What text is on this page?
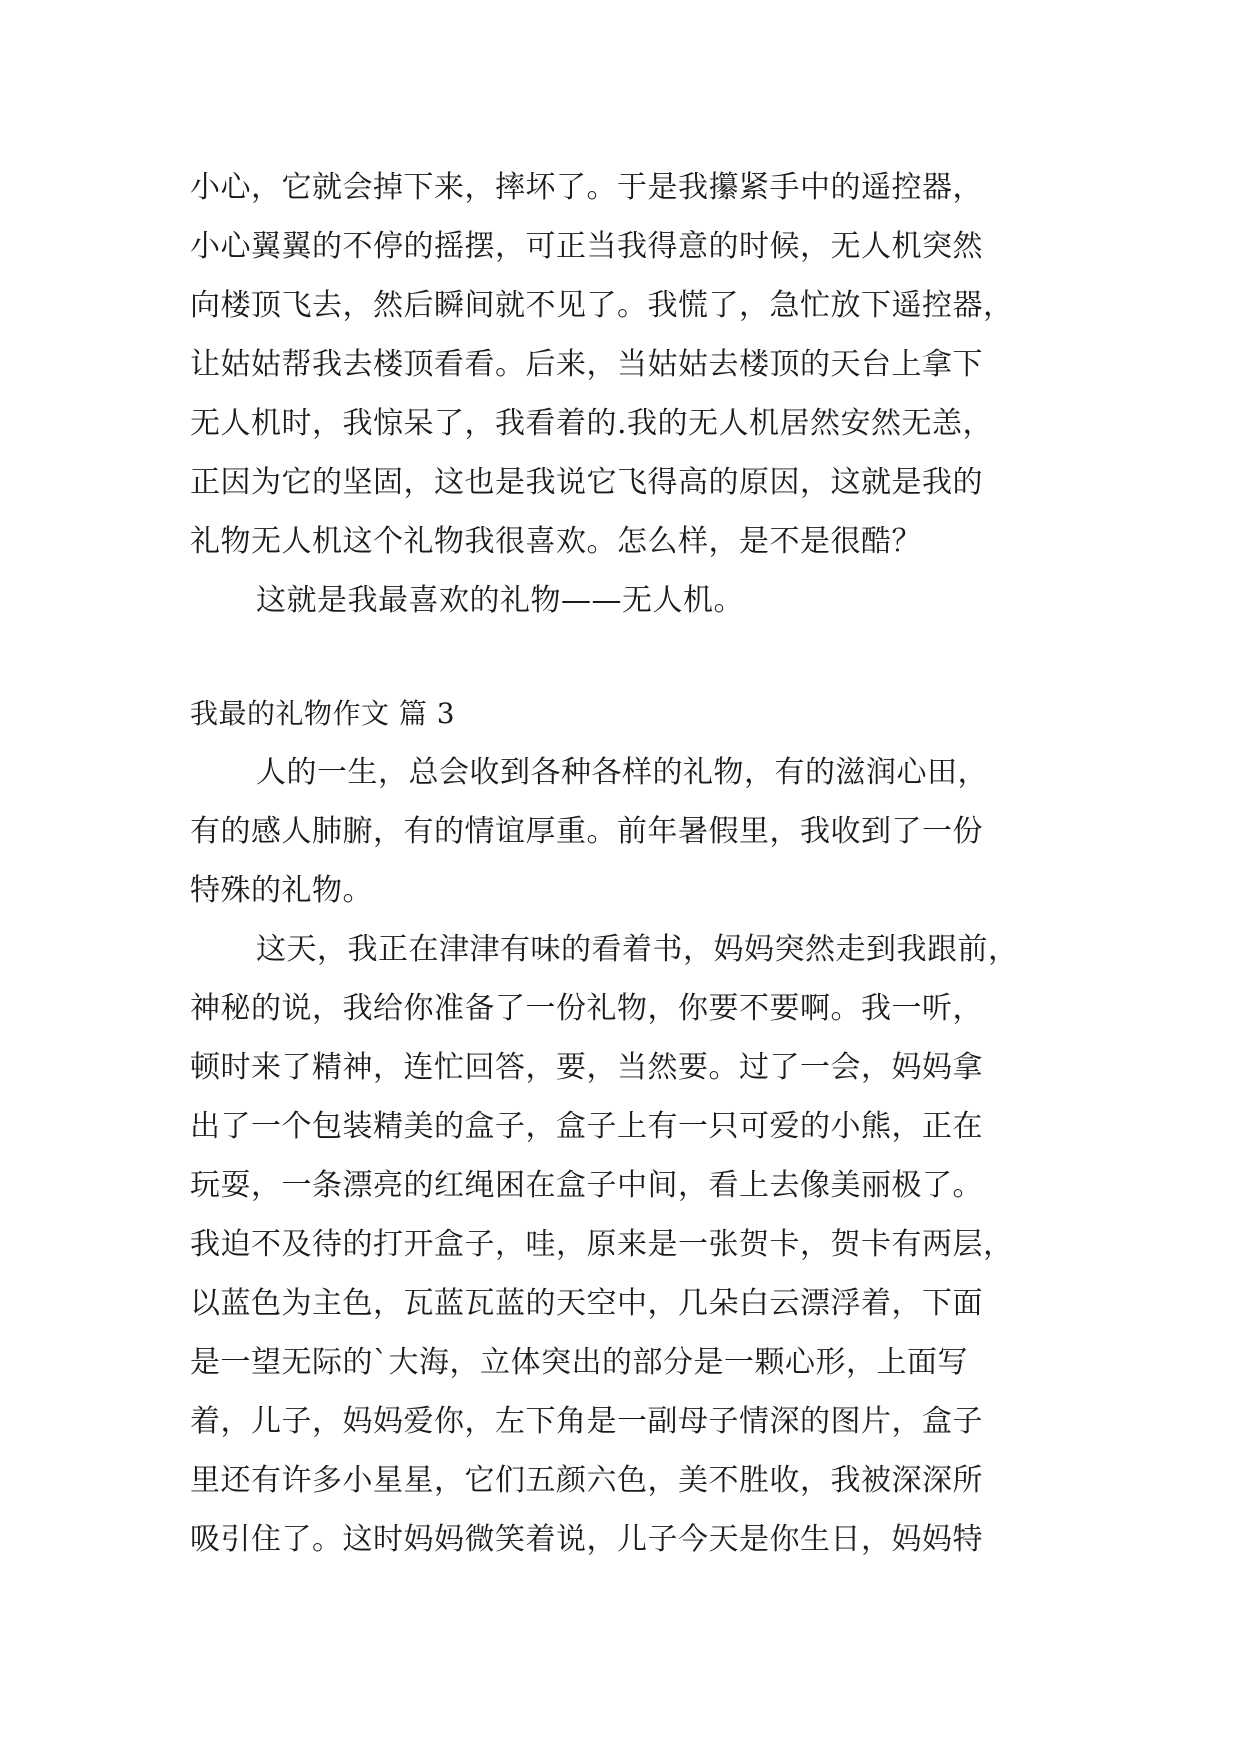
小心，它就会掉下来，摔坏了。于是我攥紧手中的遥控器，
小心翼翼的不停的摇摆，可正当我得意的时候，无人机突然
向楼顶飞去，然后瞬间就不见了。我慌了，急忙放下遥控器，
让姑姑帮我去楼顶看看。后来，当姑姑去楼顶的天台上拿下
无人机时，我惊呆了，我看着的.我的无人机居然安然无恙，
正因为它的坚固，这也是我说它飞得高的原因，这就是我的
礼物无人机这个礼物我很喜欢。怎么样，是不是很酷？
这就是我最喜欢的礼物——无人机。
我最的礼物作文 篇 3
人的一生，总会收到各种各样的礼物，有的滋润心田，
有的感人肺腑，有的情谊厚重。前年暑假里，我收到了一份
特殊的礼物。
这天，我正在津津有味的看着书，妈妈突然走到我跟前，
神秘的说，我给你准备了一份礼物，你要不要啊。我一听，
顿时来了精神，连忙回答，要，当然要。过了一会，妈妈拿
出了一个包装精美的盒子，盒子上有一只可爱的小熊，正在
玩耍，一条漂亮的红绳困在盒子中间，看上去像美丽极了。
我迫不及待的打开盒子，哇，原来是一张贺卡，贺卡有两层，
以蓝色为主色，瓦蓝瓦蓝的天空中，几朵白云漂浮着，下面
是一望无际的`大海，立体突出的部分是一颗心形，上面写
着，儿子，妈妈爱你，左下角是一副母子情深的图片，盒子
里还有许多小星星，它们五颜六色，美不胜收，我被深深所
吸引住了。这时妈妈微笑着说，儿子今天是你生日，妈妈特
